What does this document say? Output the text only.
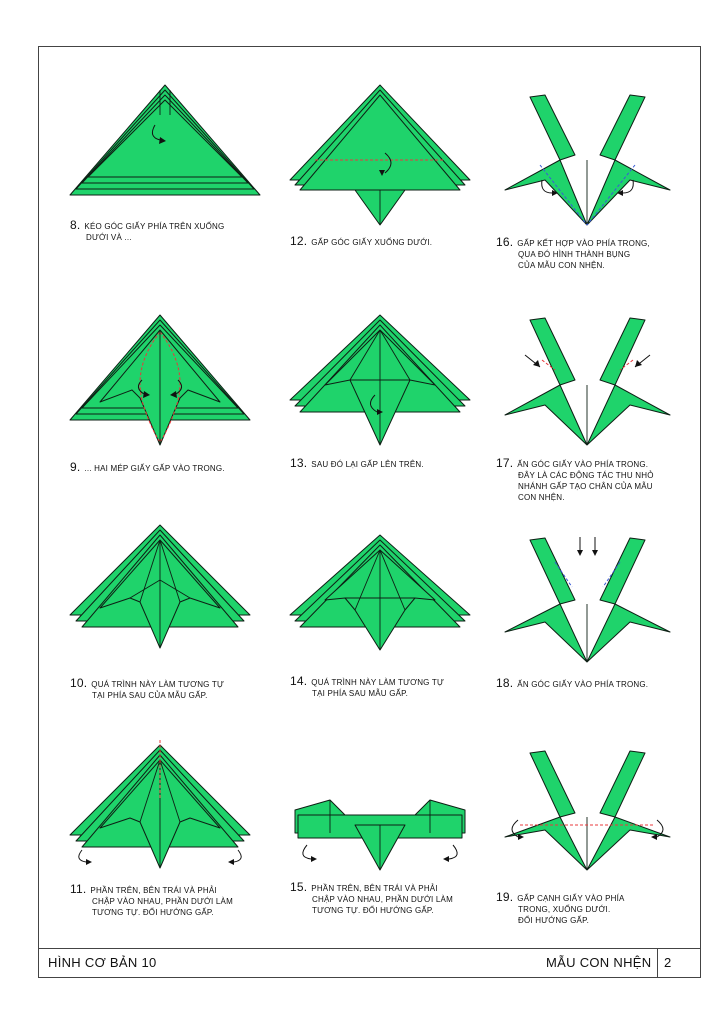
8. KÉO GÓC GIẤY PHÍA TRÊN XUỐNG
DƯỚI VÀ ...
9. ... HAI MÉP GIẤY GẤP VÀO TRONG.
10. QUÁ TRÌNH NÀY LÀM TƯƠNG TỰ
TẠI PHÍA SAU CỦA MẪU GẤP.
11. PHẦN TRÊN, BÊN TRÁI VÀ PHẢI
CHẬP VÀO NHAU, PHẦN DƯỚI LÀM
TƯƠNG TỰ. ĐỔI HƯỚNG GẤP.
12. GẤP GÓC GIẤY XUỐNG DƯỚI.
13. SAU ĐÓ LẠI GẤP LÊN TRÊN.
14. QUÁ TRÌNH NÀY LÀM TƯƠNG TỰ
TẠI PHÍA SAU MẪU GẤP.
15. PHẦN TRÊN, BÊN TRÁI VÀ PHẢI
CHẬP VÀO NHAU, PHẦN DƯỚI LÀM
TƯƠNG TỰ. ĐỔI HƯỚNG GẤP.
16. GẤP KẾT HỢP VÀO PHÍA TRONG,
QUA ĐÓ HÌNH THÀNH BỤNG
CỦA MẪU CON NHỆN.
17. ẤN GÓC GIẤY VÀO PHÍA TRONG.
ĐÂY LÀ CÁC ĐỘNG TÁC THU NHỎ
NHÁNH GẤP TẠO CHÂN CỦA MẪU
CON NHỆN.
18. ẤN GÓC GIẤY VÀO PHÍA TRONG.
19. GẤP CẠNH GIẤY VÀO PHÍA
TRONG, XUỐNG DƯỚI.
ĐỔI HƯỚNG GẤP.
HÌNH CƠ BẢN 10	MẪU CON NHỆN 2
